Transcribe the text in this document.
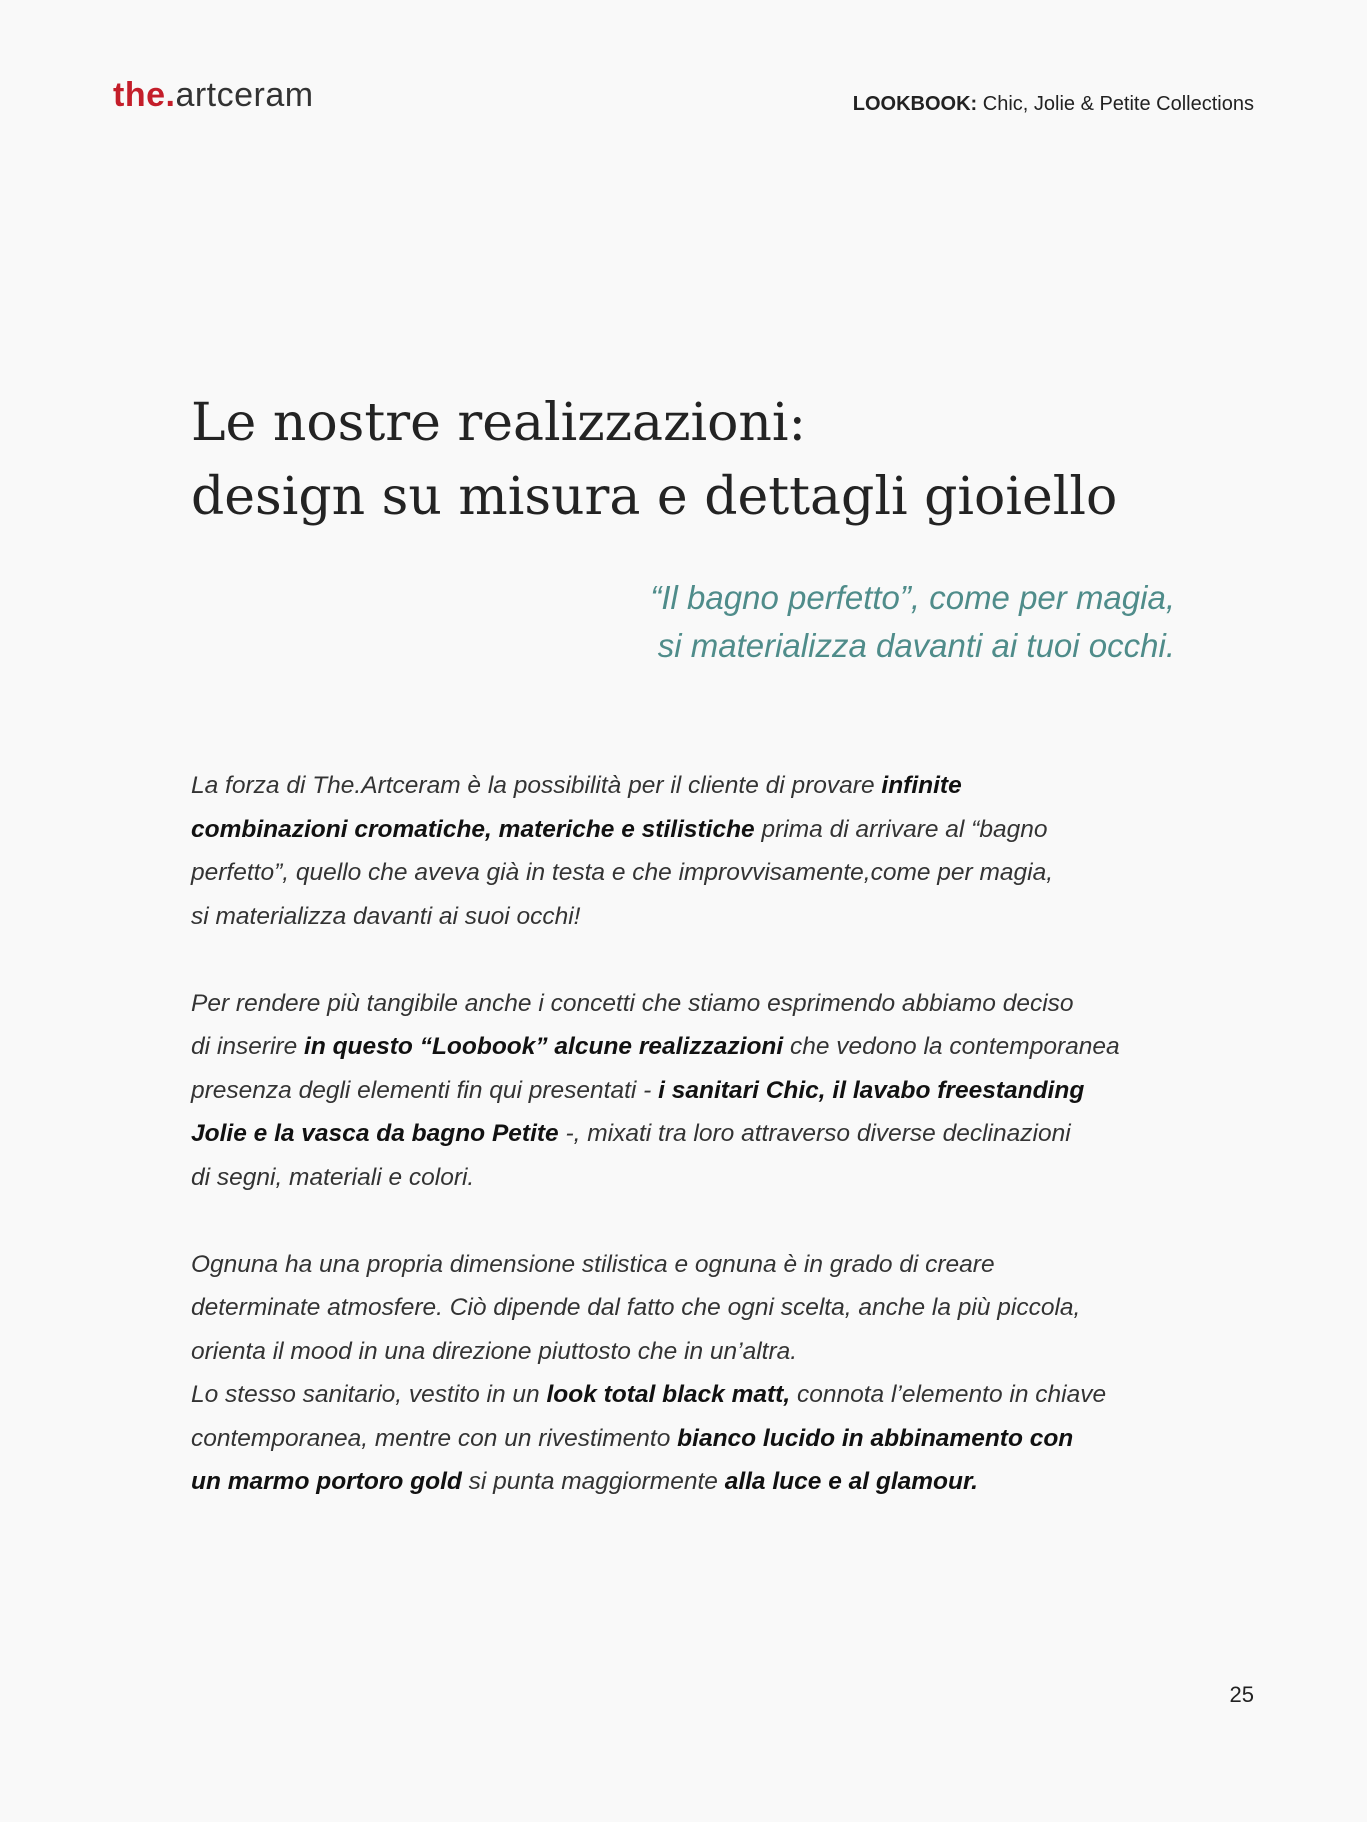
the.artceram	LOOKBOOK: Chic, Jolie & Petite Collections
Le nostre realizzazioni:
design su misura e dettagli gioiello
“Il bagno perfetto”, come per magia,
si materializza davanti ai tuoi occhi.

La forza di The.Artceram è la possibilità per il cliente di provare infinite
combinazioni cromatiche, materiche e stilistiche prima di arrivare al “bagno
perfetto”, quello che aveva già in testa e che improvvisamente,come per magia,
si materializza davanti ai suoi occhi!

Per rendere più tangibile anche i concetti che stiamo esprimendo abbiamo deciso
di inserire in questo “Loobook” alcune realizzazioni che vedono la contemporanea
presenza degli elementi fin qui presentati - i sanitari Chic, il lavabo freestanding
Jolie e la vasca da bagno Petite -, mixati tra loro attraverso diverse declinazioni
di segni, materiali e colori.

Ognuna ha una propria dimensione stilistica e ognuna è in grado di creare
determinate atmosfere. Ciò dipende dal fatto che ogni scelta, anche la più piccola,
orienta il mood in una direzione piuttosto che in un’altra.
Lo stesso sanitario, vestito in un look total black matt, connota l’elemento in chiave
contemporanea, mentre con un rivestimento bianco lucido in abbinamento con
un marmo portoro gold si punta maggiormente alla luce e al glamour.

25
